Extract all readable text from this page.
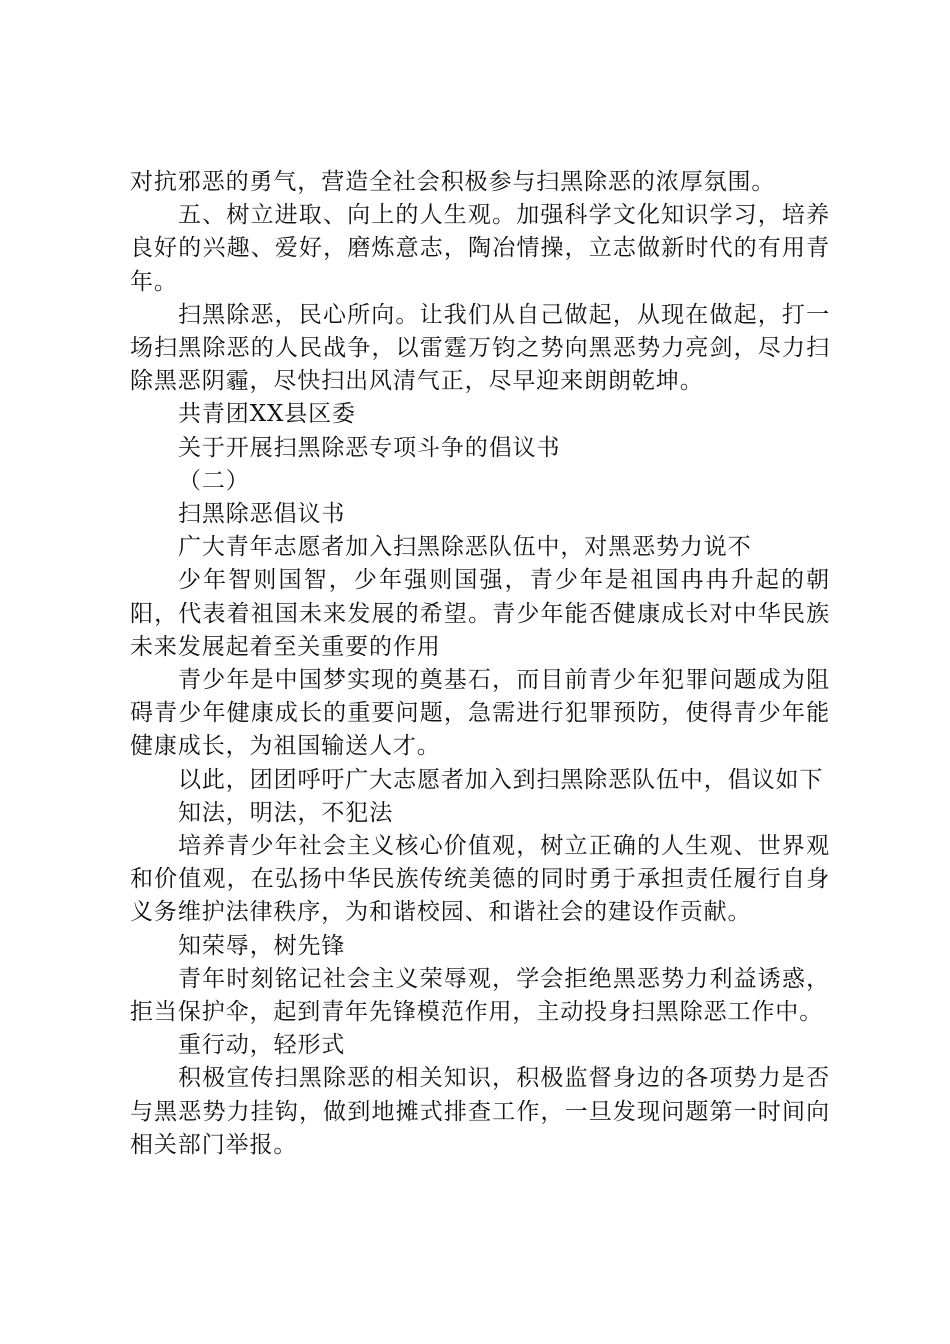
对抗邪恶的勇气，营造全社会积极参与扫黑除恶的浓厚氛围。

五、树立进取、向上的人生观。加强科学文化知识学习，培养良好的兴趣、爱好，磨炼意志，陶冶情操，立志做新时代的有用青年。

扫黑除恶，民心所向。让我们从自己做起，从现在做起，打一场扫黑除恶的人民战争，以雷霆万钧之势向黑恶势力亮剑，尽力扫除黑恶阴霾，尽快扫出风清气正，尽早迎来朗朗乾坤。

共青团XX县区委

关于开展扫黑除恶专项斗争的倡议书

（二）

扫黑除恶倡议书

广大青年志愿者加入扫黑除恶队伍中，对黑恶势力说不

少年智则国智，少年强则国强，青少年是祖国冉冉升起的朝阳，代表着祖国未来发展的希望。青少年能否健康成长对中华民族未来发展起着至关重要的作用

青少年是中国梦实现的奠基石，而目前青少年犯罪问题成为阻碍青少年健康成长的重要问题，急需进行犯罪预防，使得青少年能健康成长，为祖国输送人才。

以此，团团呼吁广大志愿者加入到扫黑除恶队伍中，倡议如下

知法，明法，不犯法

培养青少年社会主义核心价值观，树立正确的人生观、世界观和价值观，在弘扬中华民族传统美德的同时勇于承担责任履行自身义务维护法律秩序，为和谐校园、和谐社会的建设作贡献。

知荣辱，树先锋

青年时刻铭记社会主义荣辱观，学会拒绝黑恶势力利益诱惑，拒当保护伞，起到青年先锋模范作用，主动投身扫黑除恶工作中。

重行动，轻形式

积极宣传扫黑除恶的相关知识，积极监督身边的各项势力是否与黑恶势力挂钩，做到地摊式排查工作，一旦发现问题第一时间向相关部门举报。
